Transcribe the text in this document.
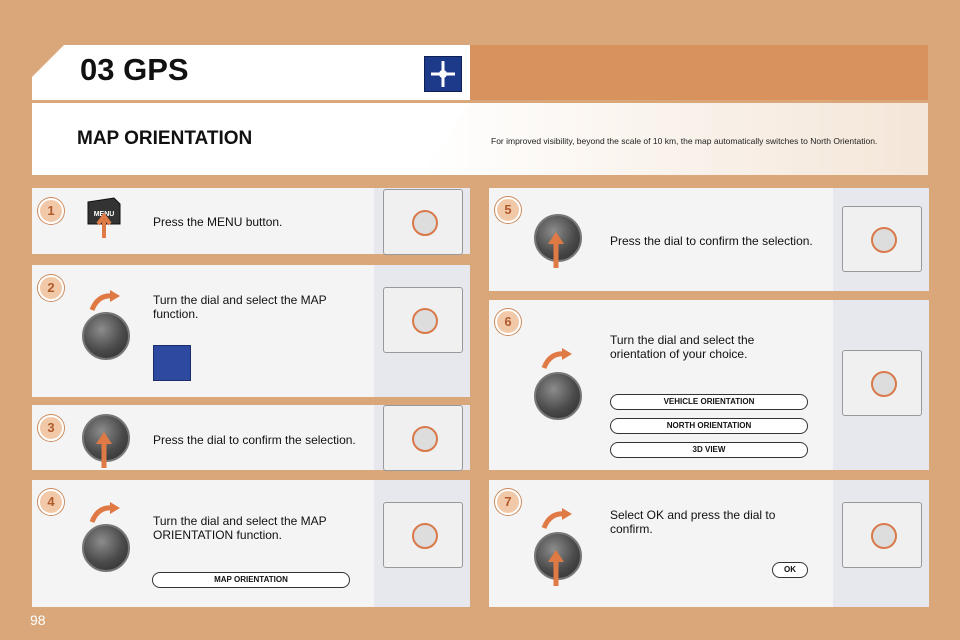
03 GPS
MAP ORIENTATION	For improved visibility, beyond the scale of 10 km, the map automatically switches to North Orientation.
1	MENU
Press the MENU button.
2
Turn the dial and select the MAP function.
3
Press the dial to confirm the selection.
4
Turn the dial and select the MAP ORIENTATION function.
MAP ORIENTATION
5
Press the dial to confirm the selection.
6
Turn the dial and select the orientation of your choice.
VEHICLE ORIENTATION
NORTH ORIENTATION
3D VIEW
7
Select OK and press the dial to confirm.
OK
98
